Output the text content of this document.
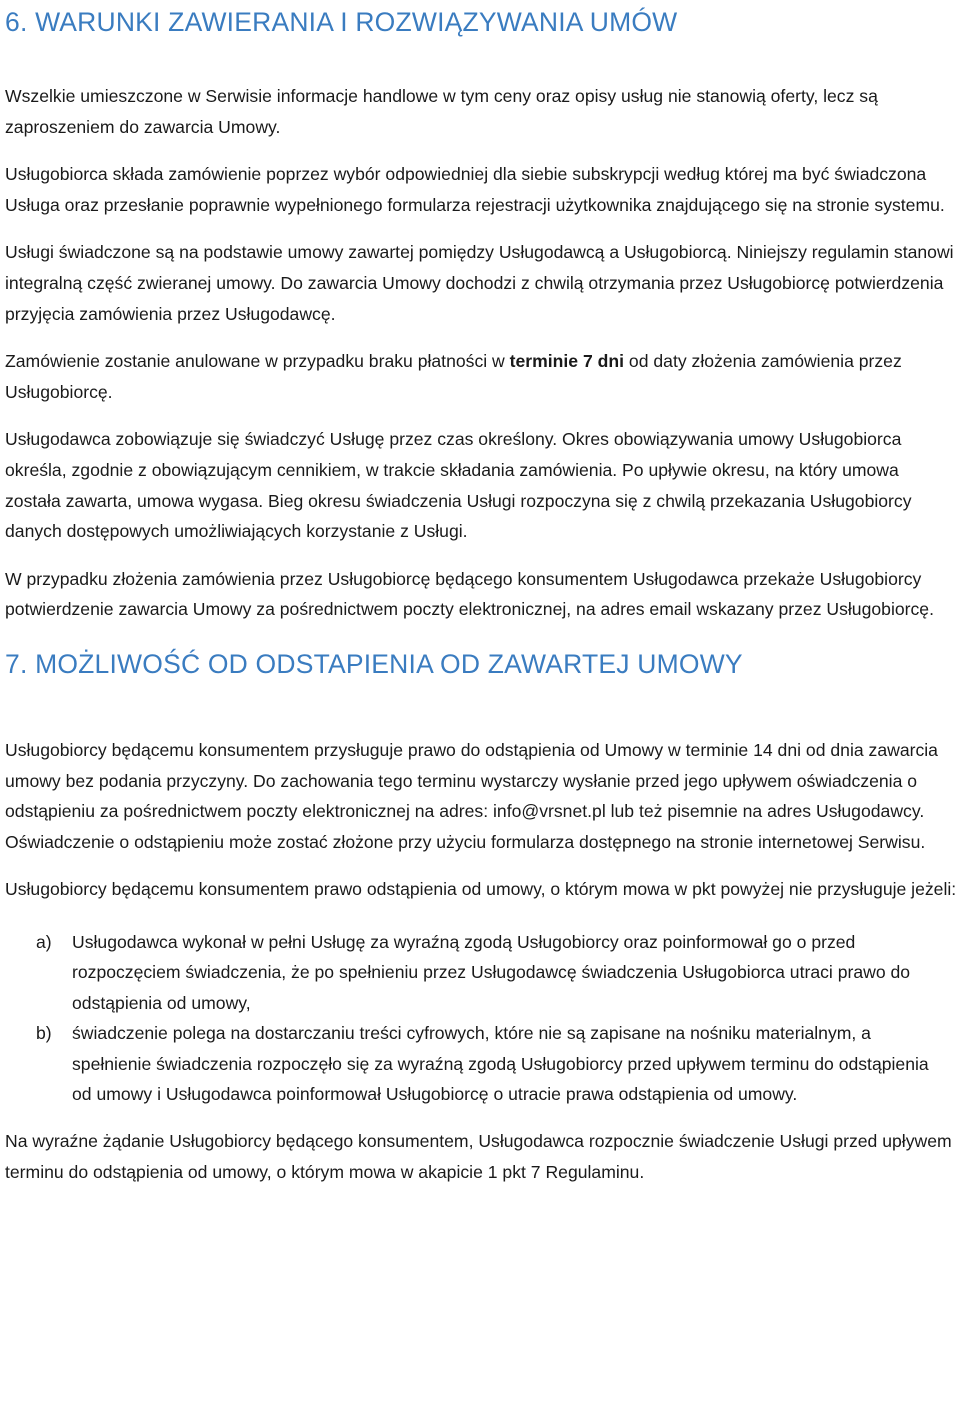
6. WARUNKI ZAWIERANIA I ROZWIĄZYWANIA UMÓW

Wszelkie umieszczone w Serwisie informacje handlowe w tym ceny oraz opisy usług nie stanowią oferty, lecz są zaproszeniem do zawarcia Umowy.

Usługobiorca składa zamówienie poprzez wybór odpowiedniej dla siebie subskrypcji według której ma być świadczona Usługa oraz przesłanie poprawnie wypełnionego formularza rejestracji użytkownika znajdującego się na stronie systemu.

Usługi świadczone są na podstawie umowy zawartej pomiędzy Usługodawcą a Usługobiorcą. Niniejszy regulamin stanowi integralną część zwieranej umowy. Do zawarcia Umowy dochodzi z chwilą otrzymania przez Usługobiorcę potwierdzenia przyjęcia zamówienia przez Usługodawcę.

Zamówienie zostanie anulowane w przypadku braku płatności w terminie 7 dni od daty złożenia zamówienia przez Usługobiorcę.

Usługodawca zobowiązuje się świadczyć Usługę przez czas określony. Okres obowiązywania umowy Usługobiorca określa, zgodnie z obowiązującym cennikiem, w trakcie składania zamówienia. Po upływie okresu, na który umowa została zawarta, umowa wygasa. Bieg okresu świadczenia Usługi rozpoczyna się z chwilą przekazania Usługobiorcy danych dostępowych umożliwiających korzystanie z Usługi.

W przypadku złożenia zamówienia przez Usługobiorcę będącego konsumentem Usługodawca przekaże Usługobiorcy potwierdzenie zawarcia Umowy za pośrednictwem poczty elektronicznej, na adres email wskazany przez Usługobiorcę.

7. MOŻLIWOŚĆ OD ODSTAPIENIA OD ZAWARTEJ UMOWY

Usługobiorcy będącemu konsumentem przysługuje prawo do odstąpienia od Umowy w terminie 14 dni od dnia zawarcia umowy bez podania przyczyny. Do zachowania tego terminu wystarczy wysłanie przed jego upływem oświadczenia o odstąpieniu za pośrednictwem poczty elektronicznej na adres: info@vrsnet.pl lub też pisemnie na adres Usługodawcy. Oświadczenie o odstąpieniu może zostać złożone przy użyciu formularza dostępnego na stronie internetowej Serwisu.

Usługobiorcy będącemu konsumentem prawo odstąpienia od umowy, o którym mowa w pkt powyżej nie przysługuje jeżeli:

a)	Usługodawca wykonał w pełni Usługę za wyraźną zgodą Usługobiorcy oraz poinformował go o przed rozpoczęciem świadczenia, że po spełnieniu przez Usługodawcę świadczenia Usługobiorca utraci prawo do odstąpienia od umowy,
b)	świadczenie polega na dostarczaniu treści cyfrowych, które nie są zapisane na nośniku materialnym, a spełnienie świadczenia rozpoczęło się za wyraźną zgodą Usługobiorcy przed upływem terminu do odstąpienia od umowy i Usługodawca poinformował Usługobiorcę o utracie prawa odstąpienia od umowy.

Na wyraźne żądanie Usługobiorcy będącego konsumentem, Usługodawca rozpocznie świadczenie Usługi przed upływem terminu do odstąpienia od umowy, o którym mowa w akapicie 1 pkt 7 Regulaminu.
